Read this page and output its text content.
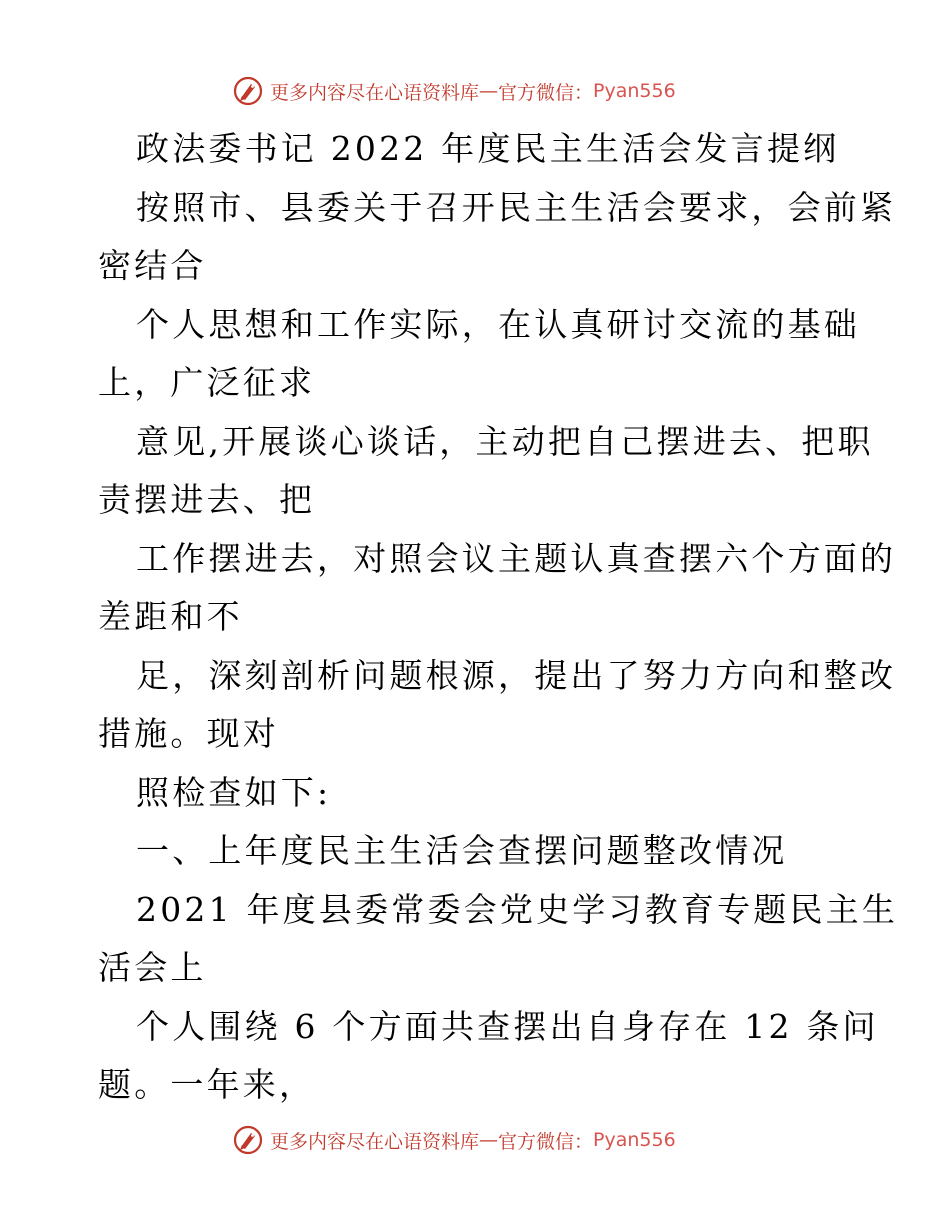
更多内容尽在心语资料库 — 官方微信： Pyan556
政法委书记 2022 年度民主生活会发言提纲
按照市、县委关于召开民主生活会要求，会前紧
密结合
个人思想和工作实际，在认真研讨交流的基础
上，广泛征求
意见,开展谈心谈话，主动把自己摆进去、把职
责摆进去、把
工作摆进去，对照会议主题认真查摆六个方面的
差距和不
足，深刻剖析问题根源，提出了努力方向和整改
措施。现对
照检查如下:
一、上年度民主生活会查摆问题整改情况
2021 年度县委常委会党史学习教育专题民主生
活会上
个人围绕 6 个方面共查摆出自身存在 12 条问
题。一年来，
更多内容尽在心语资料库 — 官方微信： Pyan556
